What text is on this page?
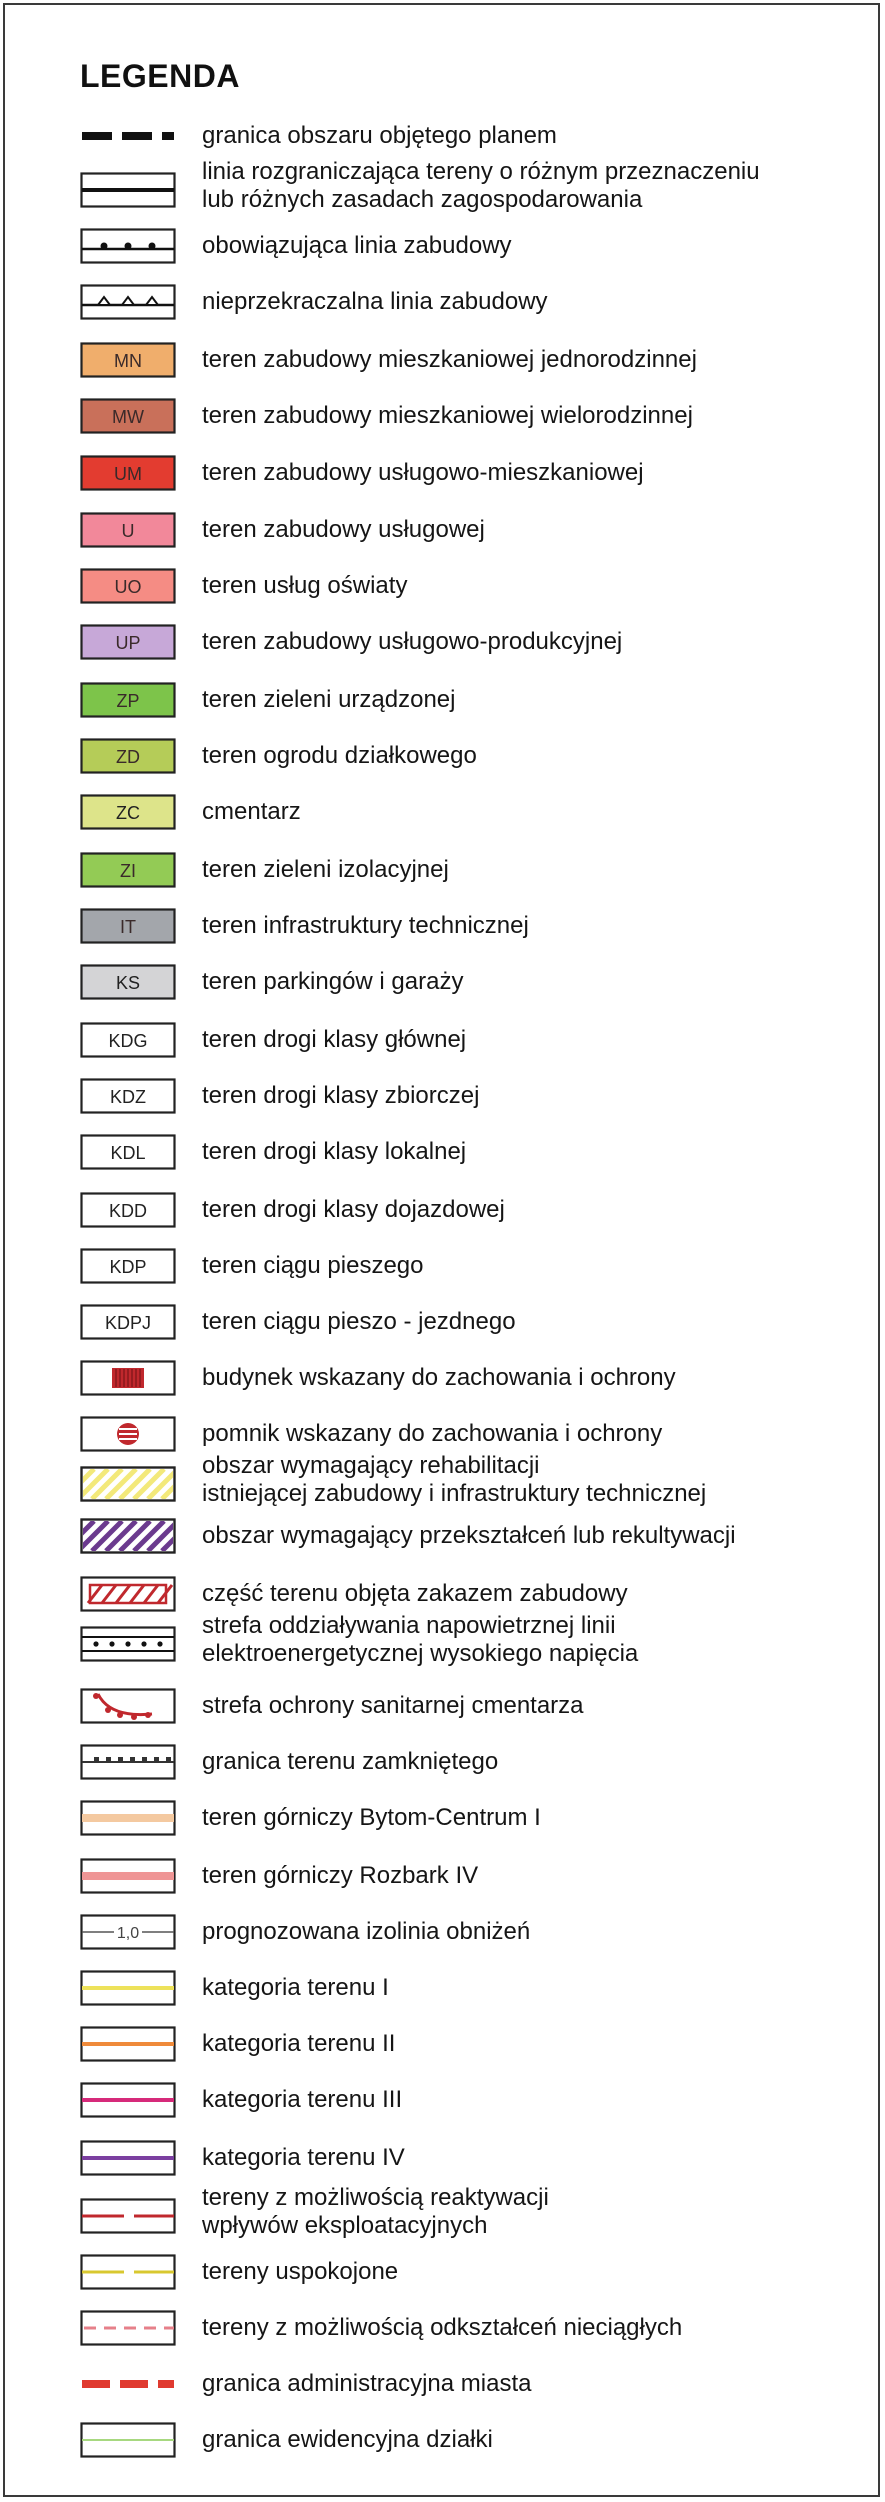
LEGENDA
granica obszaru objętego planem
linia rozgraniczająca tereny o różnym przeznaczeniu
lub różnych zasadach zagospodarowania
obowiązująca linia zabudowy
nieprzekraczalna linia zabudowy
MN	teren zabudowy mieszkaniowej jednorodzinnej
MW teren zabudowy mieszkaniowej wielorodzinnej
UM	teren zabudowy usługowo-mieszkaniowej
U	teren zabudowy usługowej
UO	teren usług oświaty
UP	teren zabudowy usługowo-produkcyjnej
ZP	teren zieleni urządzonej
ZD	teren ogrodu działkowego
ZC	cmentarz
ZI	teren zieleni izolacyjnej
IT	teren infrastruktury technicznej
KS	teren parkingów i garaży
KDG teren drogi klasy głównej
KDZ teren drogi klasy zbiorczej
KDL teren drogi klasy lokalnej
KDD teren drogi klasy dojazdowej
KDP teren ciągu pieszego
KDPJ teren ciągu pieszo - jezdnego
budynek wskazany do zachowania i ochrony
pomnik wskazany do zachowania i ochrony
obszar wymagający rehabilitacji
istniejącej zabudowy i infrastruktury technicznej
obszar wymagający przekształceń lub rekultywacji
część terenu objęta zakazem zabudowy
strefa oddziaływania napowietrznej linii
elektroenergetycznej wysokiego napięcia
strefa ochrony sanitarnej cmentarza
granica terenu zamkniętego
teren górniczy Bytom-Centrum I
teren górniczy Rozbark IV
1,0	prognozowana izolinia obniżeń
kategoria terenu I
kategoria terenu II
kategoria terenu III
kategoria terenu IV
tereny z możliwością reaktywacji
wpływów eksploatacyjnych
tereny uspokojone
tereny z możliwością odkształceń nieciągłych
granica administracyjna miasta
granica ewidencyjna działki
